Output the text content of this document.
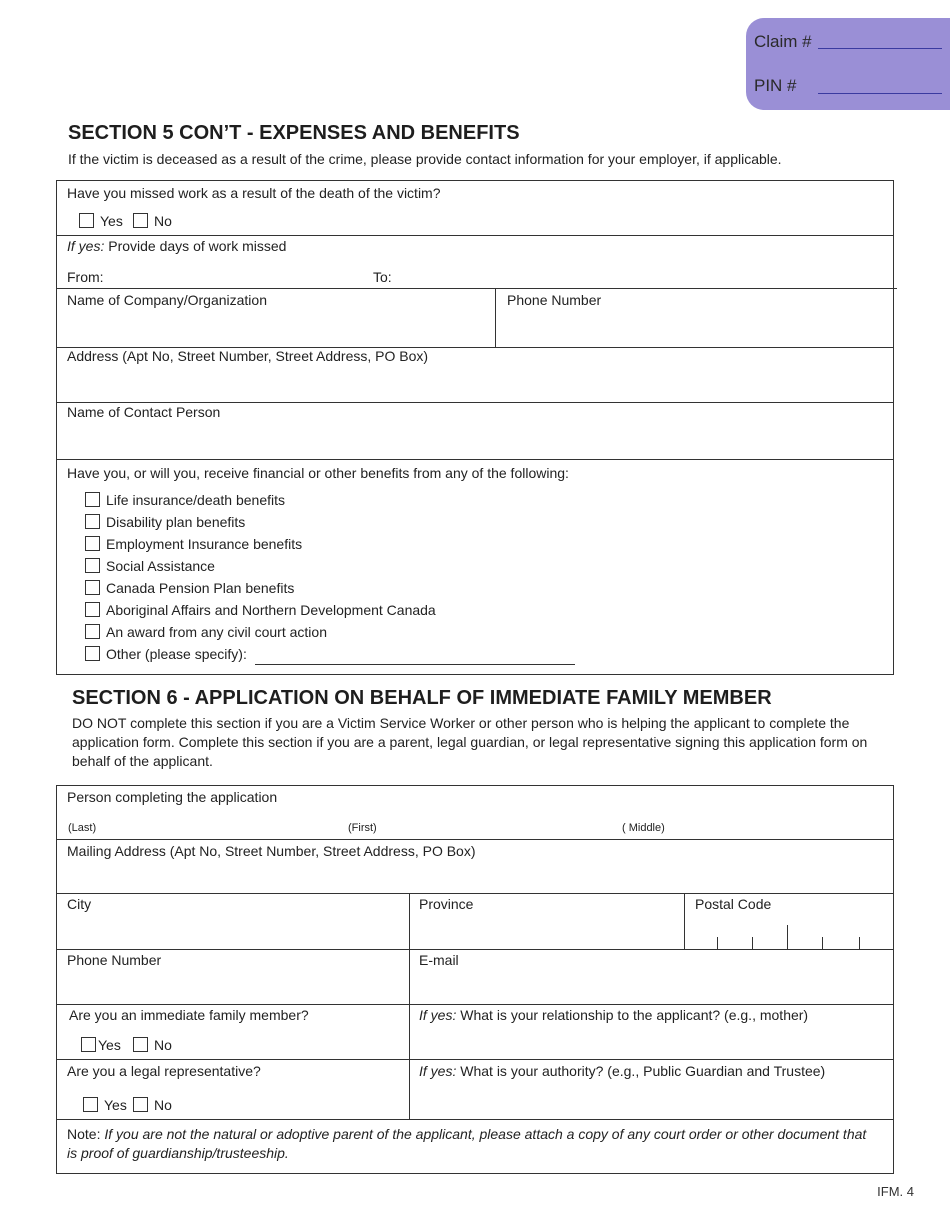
Claim #
PIN #
SECTION 5 CON’T - EXPENSES AND BENEFITS
If the victim is deceased as a result of the crime, please provide contact information for your employer, if applicable.
Have you missed work as a result of the death of the victim?
Yes	No
If yes: Provide days of work missed
From:	To:
Name of Company/Organization	Phone Number
Address (Apt No, Street Number, Street Address, PO Box)
Name of Contact Person
Have you, or will you, receive financial or other benefits from any of the following:
Life insurance/death benefits
Disability plan benefits
Employment Insurance benefits
Social Assistance
Canada Pension Plan benefits
Aboriginal Affairs and Northern Development Canada
An award from any civil court action
Other (please specify):
SECTION 6 - APPLICATION ON BEHALF OF IMMEDIATE FAMILY MEMBER
DO NOT complete this section if you are a Victim Service Worker or other person who is helping the applicant to complete the application form. Complete this section if you are a parent, legal guardian, or legal representative signing this application form on behalf of the applicant.
Person completing the application
(Last)	(First)	( Middle)
Mailing Address (Apt No, Street Number, Street Address, PO Box)
City	Province	Postal Code
Phone Number	E-mail
Are you an immediate family member?
Yes	No
If yes: What is your relationship to the applicant? (e.g., mother)
Are you a legal representative?
Yes	No
If yes: What is your authority? (e.g., Public Guardian and Trustee)
Note: If you are not the natural or adoptive parent of the applicant, please attach a copy of any court order or other document that is proof of guardianship/trusteeship.
IFM. 4
